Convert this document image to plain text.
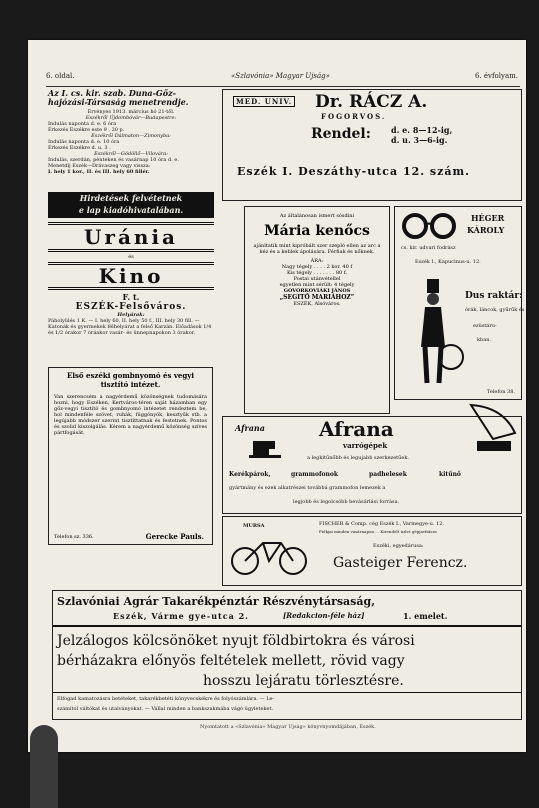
6. oldal.	«Szlavónia» Magyar Ujság»	6. évfolyam.
Az I. cs. kir. szab. Duna-Gőz-hajózási-Társaság menetrendje.
Érvényes 1913. március hó 21-től.
Eszékről Újdombóvár—Budapestre:
Indulás naponta d. e. 6 óra
Érkezés Eszékre este 9 . 20 p.
Eszékről Dálmaton—Zimonyba:
Indulás naponta d. e. 10 óra
Érkezés Eszékre d. u. 3 .
Eszékről—Gödöllő—Vilovára:
Indulás, szerdán, pénteken és vasárnap 10 óra d. e.
Menetdíj Eszék—Drávaszeg vagy vissza:
I. hely 1 kor., II. és III. hely 60 fillér.
Hirdetések felvétetnek
e lap kiadóhivatalában.
Uránia
és
Kino
F. t.
ESZÉK-Felsőváros.
Helyárak:
Páholyülés 1 K. — I. hely 60, II. hely 50 f., III. hely 30 fill. — Katonák és gyermekek félhelyárat a felső Karzán. Előadások 1/4 és 1/2 órakor 7 óráakor vasár- és ünnepnapokon 3 órakor.
Első eszéki gombnyomó és vegyi tisztító intézet.
Van szerencsém a nagyérdemű közönségnek tudomására hozni, hogy Eszéken, Kertváros-téren saját házamban egy gőz-vegyi tisztító és gombnyomó intézetet rendeztem be, hol mindenféle szövet, ruhák, függönyök, kesztyűk stb. a legújabb módszer szerint tisztíttatnak és festetnek. Pontos és szolid kiszolgálás. Kérem a nagyérdemű közönség szíves pártfogását.
Telefon sz. 336.	Gerecke Pauls.
MED. UNIV. Dr. RÁCZ A.
FOGORVOS.
Rendel:	d. e. 8—12-ig,
d. u. 3—6-ig.
Eszék I. Deszáthy-utca 12. szám.
Az általánosan ismert sósdini
Mária kenőcs
ajánltatik mint kipróbált szer szepló ellen az arc a kéz és a keblek ápolására. Férfiak és nőknek.
ÁRA:
Nagy tégely . . . . 2 kor. 40 f
Kis tégely . . . . . . . 80 f.
Postai utánvétellel
egyetlen mint sérült: 4 tégely
GOVORKOVIÁKI JÁNOS
„SEGITŐ MARIÁHOZ”
ESZÉK, Alsóváros.
HÉGER
KÁROLY
cs. kir. udvari fodrász
Eszék I., Kapucinus-u. 12.
Dus raktár:
órák, láncok, gyűrűk és
ezüstáru-
kban.
Telefon 38.
Afrana	Afrana
varrógépek
a legkitűnőbb és legujabb szerkezetűek.
Kerékpárok,	grammofonok	padhelesek	kitűnő
gyártmány és ezek alkatrészei továbbá grammofon lemezek a
legjobb és legolcsóbb bevásárlási forrása.
MURSA	FISCHER & Comp. cég Eszék I., Varmegye-u. 12.
Fiókjai minden vasárnapon ... Kirendelt üzlet gépjavításra
Eszéki, egyedárusa:
Gasteiger Ferencz.
Szlavóniai Agrár Takarékpénztár Részvénytársaság,
Eszék, Várme gye-utca 2.	[Redakcion-féle ház]	1. emelet.
Jelzálogos kölcsönöket nyujt földbirtokra és városi
bérházakra előnyös feltételek mellett, rövid vagy
hosszu lejáratu törlesztésre.
Elfogad kamatozásra betéteket, takarékbetéti könyvecskékre és folyószámlára. — Le-
számítol váltókat és utalványokat. — Vállal minden a bankszakmába vágó ügyleteket.
Nyomtatott a «Szlavónia» Magyar Ujság» könyvnyomdájában, Eszék.
